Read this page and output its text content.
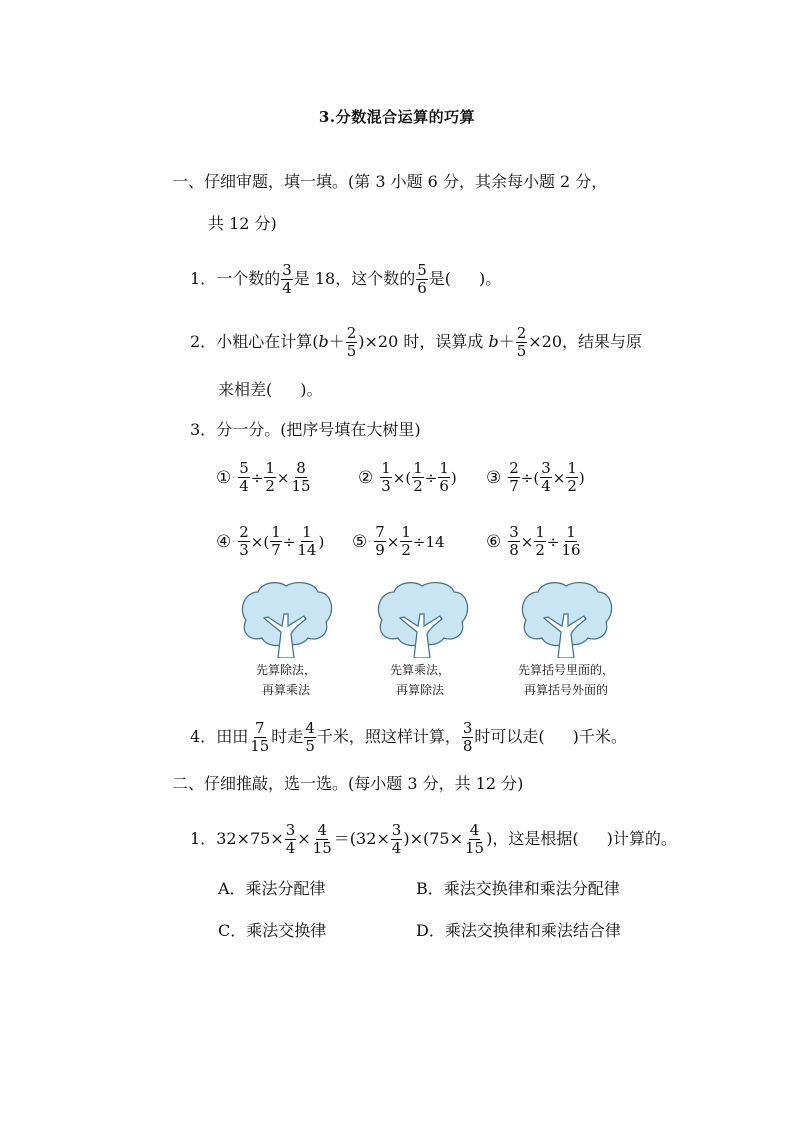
3.分数混合运算的巧算
一、仔细审题，填一填。(第 3 小题 6 分，其余每小题 2 分，
共 12 分)
1．一个数的 $\frac{3}{4}$ 是 18，这个数的 $\frac{5}{6}$ 是( )。
2．小粗心在计算$(b+ \frac{2}{5} )\times 20$ 时，误算成 $b+ \frac{2}{5} \times 20$，结果与原
来相差( )。
3．分一分。(把序号填在大树里)
① $\frac{5}{4} \div \frac{1}{2} \times \frac{8}{15}$	② $\frac{1}{3}$ ×( $\frac{1}{2} \div \frac{1}{6}$ ) ③ $\frac{2}{7}$ ÷( $\frac{3}{4} \times \frac{1}{2}$ )
④ $\frac{2}{3}$ ×( $\frac{1}{7} \div \frac{1}{14}$ ) ⑤ $\frac{7}{9} \times \frac{1}{2} \div 14$ ⑥ $\frac{3}{8} \times \frac{1}{2} \div \frac{1}{16}$
先算除法，
再算乘法
先算乘法，
再算除法
先算括号里面的，
再算括号外面的
4．田田 $\frac{7}{15}$ 时走 $\frac{4}{5}$ 千米，照这样计算， $\frac{3}{8}$ 时可以走( )千米。
二、仔细推敲，选一选。(每小题 3 分，共 12 分)
1．$32\times 75\times \frac{3}{4} \times \frac{4}{15} =(32\times \frac{3}{4} )\times(75\times \frac{4}{15}$ )，这是根据( )计算的。
A．乘法分配律	B．乘法交换律和乘法分配律
C．乘法交换律	D．乘法交换律和乘法结合律
